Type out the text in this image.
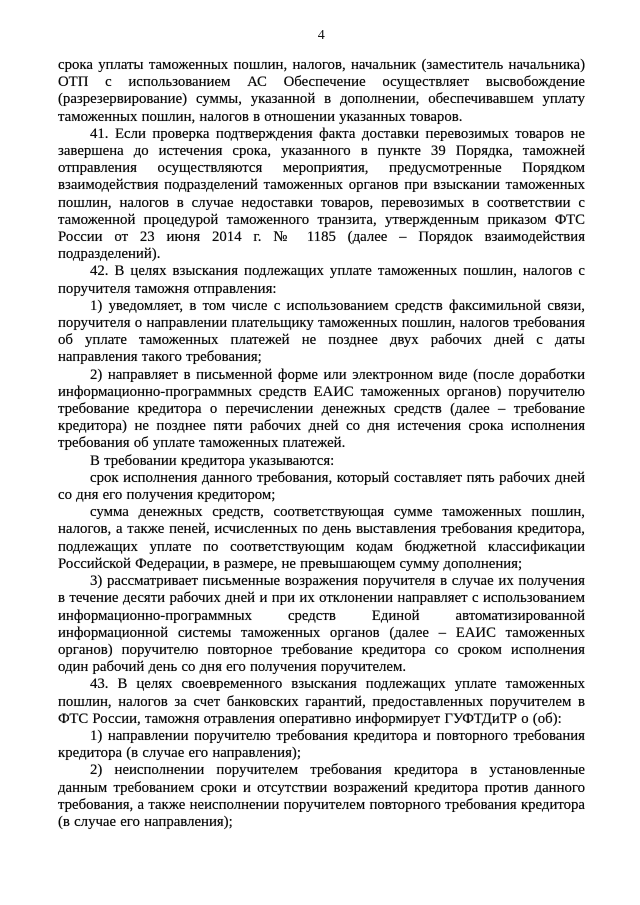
4

срока уплаты таможенных пошлин, налогов, начальник (заместитель начальника) ОТП с использованием АС Обеспечение осуществляет высвобождение (разрезервирование) суммы, указанной в дополнении, обеспечивавшем уплату таможенных пошлин, налогов в отношении указанных товаров.

41. Если проверка подтверждения факта доставки перевозимых товаров не завершена до истечения срока, указанного в пункте 39 Порядка, таможней отправления осуществляются мероприятия, предусмотренные Порядком взаимодействия подразделений таможенных органов при взыскании таможенных пошлин, налогов в случае недоставки товаров, перевозимых в соответствии с таможенной процедурой таможенного транзита, утвержденным приказом ФТС России от 23 июня 2014 г. № 1185 (далее – Порядок взаимодействия подразделений).

42. В целях взыскания подлежащих уплате таможенных пошлин, налогов с поручителя таможня отправления:

1) уведомляет, в том числе с использованием средств факсимильной связи, поручителя о направлении плательщику таможенных пошлин, налогов требования об уплате таможенных платежей не позднее двух рабочих дней с даты направления такого требования;

2) направляет в письменной форме или электронном виде (после доработки информационно-программных средств ЕАИС таможенных органов) поручителю требование кредитора о перечислении денежных средств (далее – требование кредитора) не позднее пяти рабочих дней со дня истечения срока исполнения требования об уплате таможенных платежей.

В требовании кредитора указываются:

срок исполнения данного требования, который составляет пять рабочих дней со дня его получения кредитором;

сумма денежных средств, соответствующая сумме таможенных пошлин, налогов, а также пеней, исчисленных по день выставления требования кредитора, подлежащих уплате по соответствующим кодам бюджетной классификации Российской Федерации, в размере, не превышающем сумму дополнения;

3) рассматривает письменные возражения поручителя в случае их получения в течение десяти рабочих дней и при их отклонении направляет с использованием информационно-программных средств Единой автоматизированной информационной системы таможенных органов (далее – ЕАИС таможенных органов) поручителю повторное требование кредитора со сроком исполнения один рабочий день со дня его получения поручителем.

43. В целях своевременного взыскания подлежащих уплате таможенных пошлин, налогов за счет банковских гарантий, предоставленных поручителем в ФТС России, таможня отравления оперативно информирует ГУФТДиТР о (об):

1) направлении поручителю требования кредитора и повторного требования кредитора (в случае его направления);

2) неисполнении поручителем требования кредитора в установленные данным требованием сроки и отсутствии возражений кредитора против данного требования, а также неисполнении поручителем повторного требования кредитора (в случае его направления);
